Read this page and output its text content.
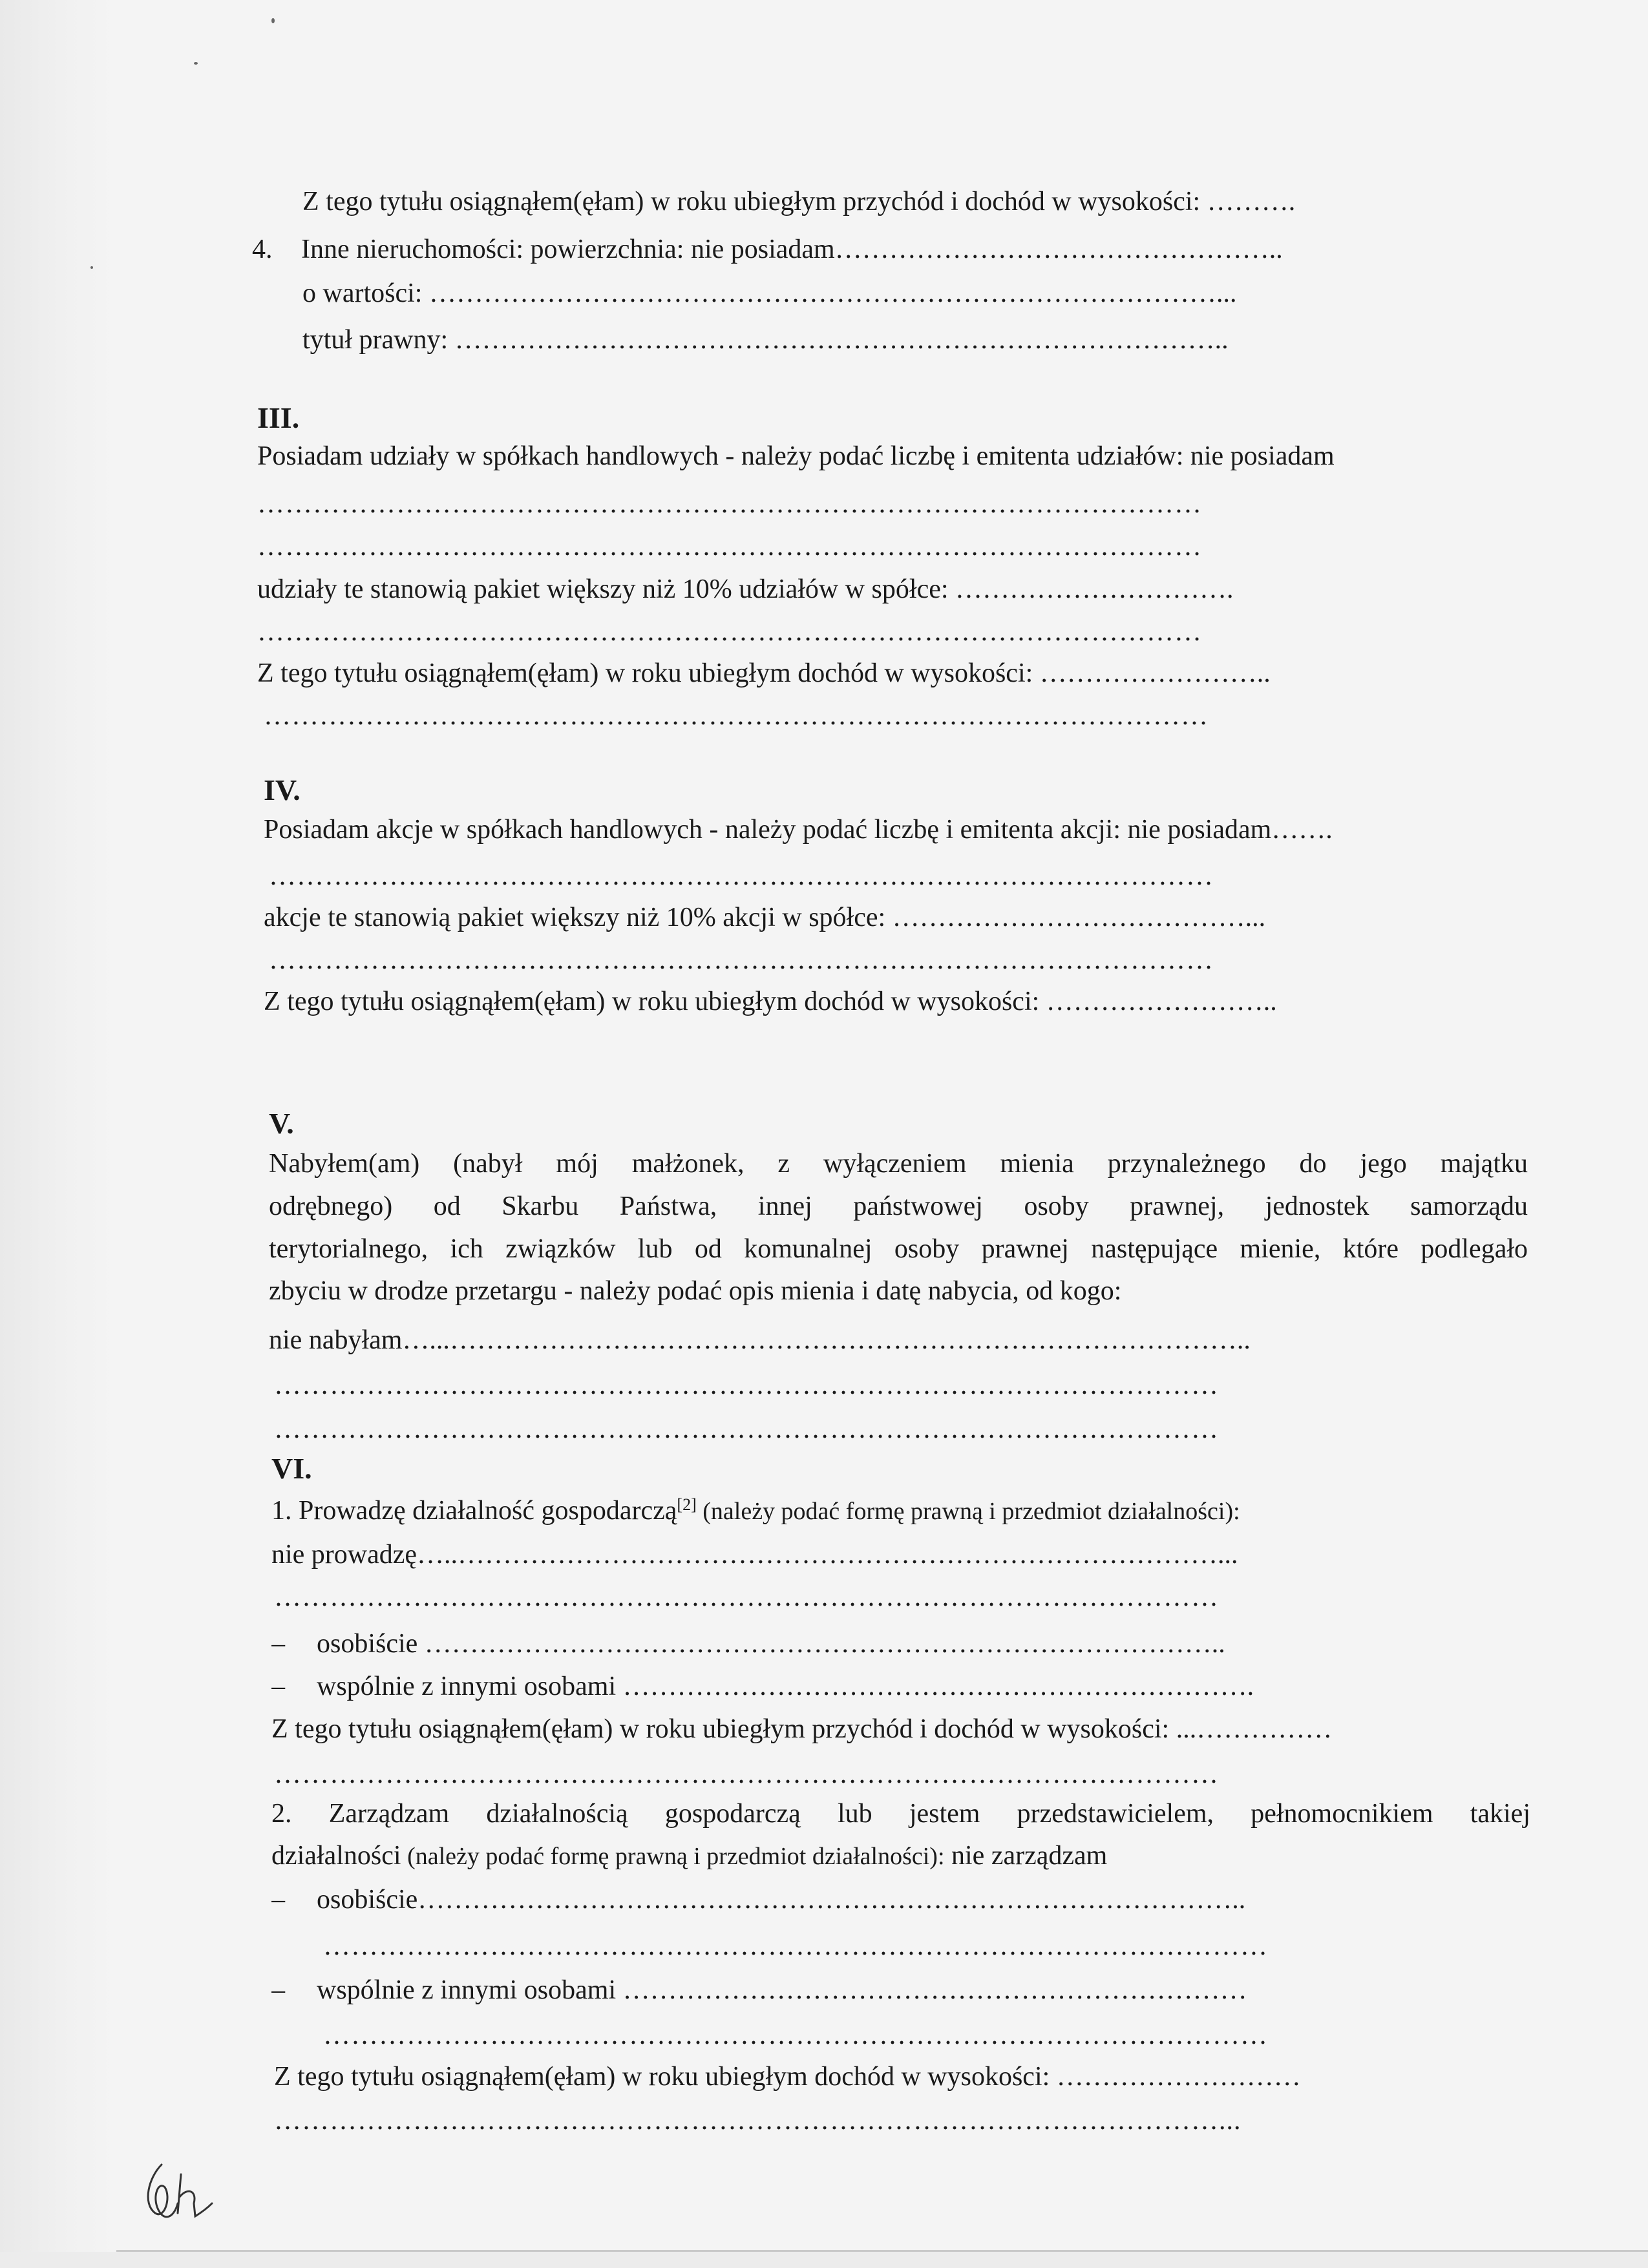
Z tego tytułu osiągnąłem(ęłam) w roku ubiegłym przychód i dochód w wysokości: ……….
4. Inne nieruchomości: powierzchnia: nie posiadam…………………………………………..
o wartości: ……………………………………………………………………………...
tytuł prawny: …………………………………………………………………………..
III.
Posiadam udziały w spółkach handlowych - należy podać liczbę i emitenta udziałów: nie posiadam
…………………………………………………………………………………………
…………………………………………………………………………………………
udziały te stanowią pakiet większy niż 10% udziałów w spółce: ………………………….
…………………………………………………………………………………………
Z tego tytułu osiągnąłem(ęłam) w roku ubiegłym dochód w wysokości: ……………………..
…………………………………………………………………………………………
IV.
Posiadam akcje w spółkach handlowych - należy podać liczbę i emitenta akcji: nie posiadam…….
…………………………………………………………………………………………
akcje te stanowią pakiet większy niż 10% akcji w spółce: …………………………………...
…………………………………………………………………………………………
Z tego tytułu osiągnąłem(ęłam) w roku ubiegłym dochód w wysokości: ……………………..
V.
Nabyłem(am) (nabył mój małżonek, z wyłączeniem mienia przynależnego do jego majątku
odrębnego) od Skarbu Państwa, innej państwowej osoby prawnej, jednostek samorządu
terytorialnego, ich związków lub od komunalnej osoby prawnej następujące mienie, które podlegało
zbyciu w drodze przetargu - należy podać opis mienia i datę nabycia, od kogo:
nie nabyłam…...……………………………………………………………………………..
…………………………………………………………………………………………
…………………………………………………………………………………………
VI.
1. Prowadzę działalność gospodarczą[2] (należy podać formę prawną i przedmiot działalności):
nie prowadzę…..…………………………………………………………………………...
…………………………………………………………………………………………
– osobiście ……………………………………………………………………………..
– wspólnie z innymi osobami …………………………………………………………….
Z tego tytułu osiągnąłem(ęłam) w roku ubiegłym przychód i dochód w wysokości: ...……………
…………………………………………………………………………………………
2. Zarządzam działalnością gospodarczą lub jestem przedstawicielem, pełnomocnikiem takiej
działalności (należy podać formę prawną i przedmiot działalności): nie zarządzam
– osobiście………………………………………………………………………………..
…………………………………………………………………………………………
– wspólnie z innymi osobami ……………………………………………………………
…………………………………………………………………………………………
Z tego tytułu osiągnąłem(ęłam) w roku ubiegłym dochód w wysokości: ………………………
…………………………………………………………………………………………...
